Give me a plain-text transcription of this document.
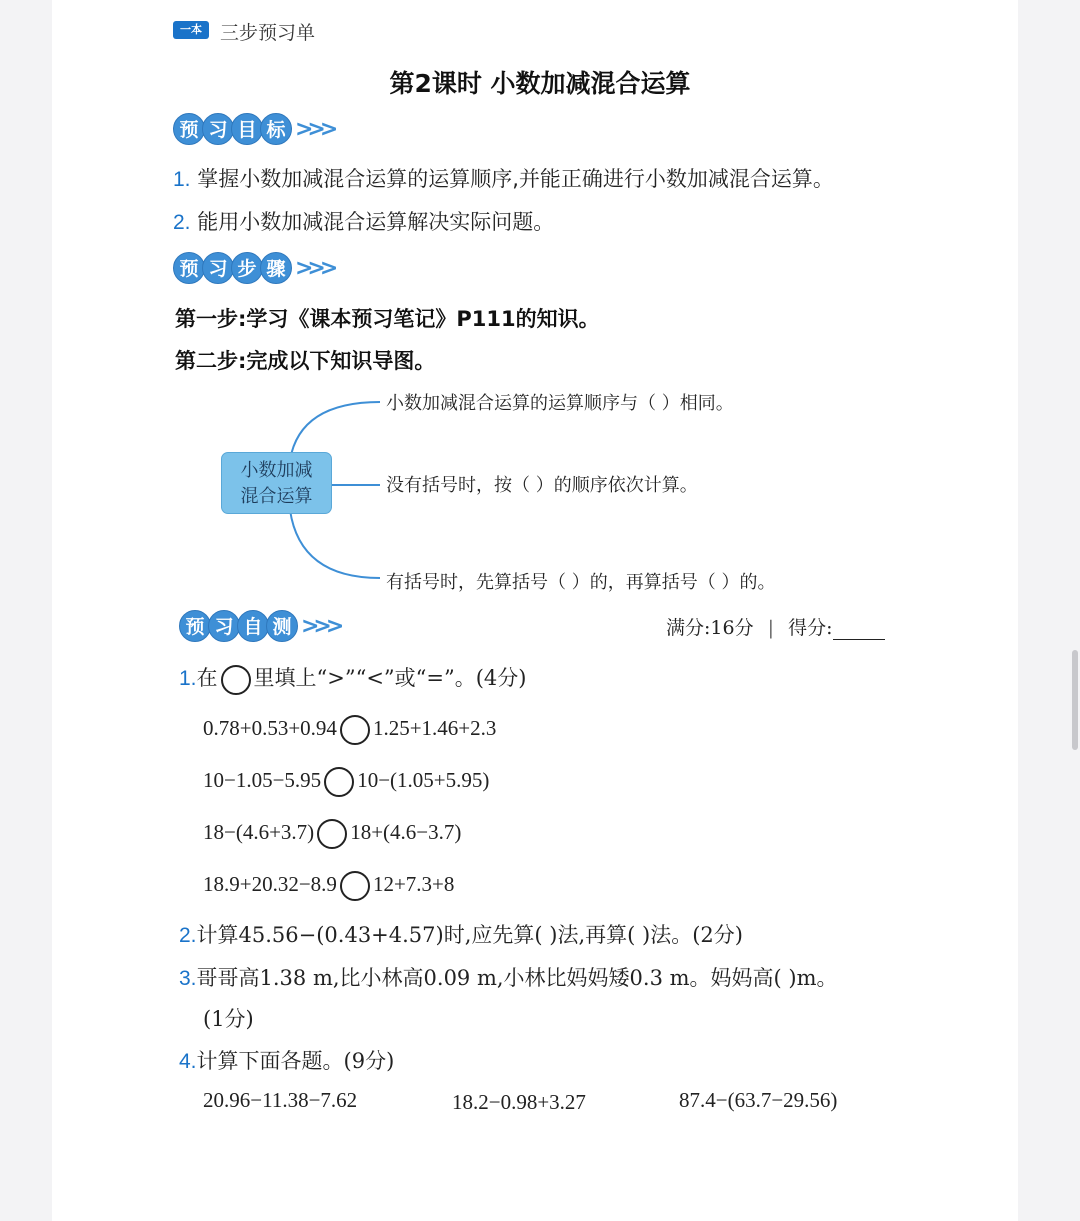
一本 三步预习单
第2课时 小数加减混合运算
预 习 目 标 >>>
1. 掌握小数加减混合运算的运算顺序,并能正确进行小数加减混合运算。
2. 能用小数加减混合运算解决实际问题。
预 习 步 骤 >>>
第一步:学习《课本预习笔记》P111的知识。
第二步:完成以下知识导图。
小数加减
混合运算
小数加减混合运算的运算顺序与（ ）相同。
没有括号时，按（ ）的顺序依次计算。
有括号时，先算括号（ ）的，再算括号（ ）的。
预 习 自 测 >>>	满分:16分 | 得分:
1.在 里填上“>”“<”或“=”。(4分)
0.78+0.53+0.94 1.25+1.46+2.3
10−1.05−5.95 10−(1.05+5.95)
18−(4.6+3.7) 18+(4.6−3.7)
18.9+20.32−8.9 12+7.3+8
2.计算45.56−(0.43+4.57)时,应先算( )法,再算( )法。(2分)
3.哥哥高1.38 m,比小林高0.09 m,小林比妈妈矮0.3 m。妈妈高( )m。
(1分)
4.计算下面各题。(9分)
20.96−11.38−7.62	18.2−0.98+3.27	87.4−(63.7−29.56)
